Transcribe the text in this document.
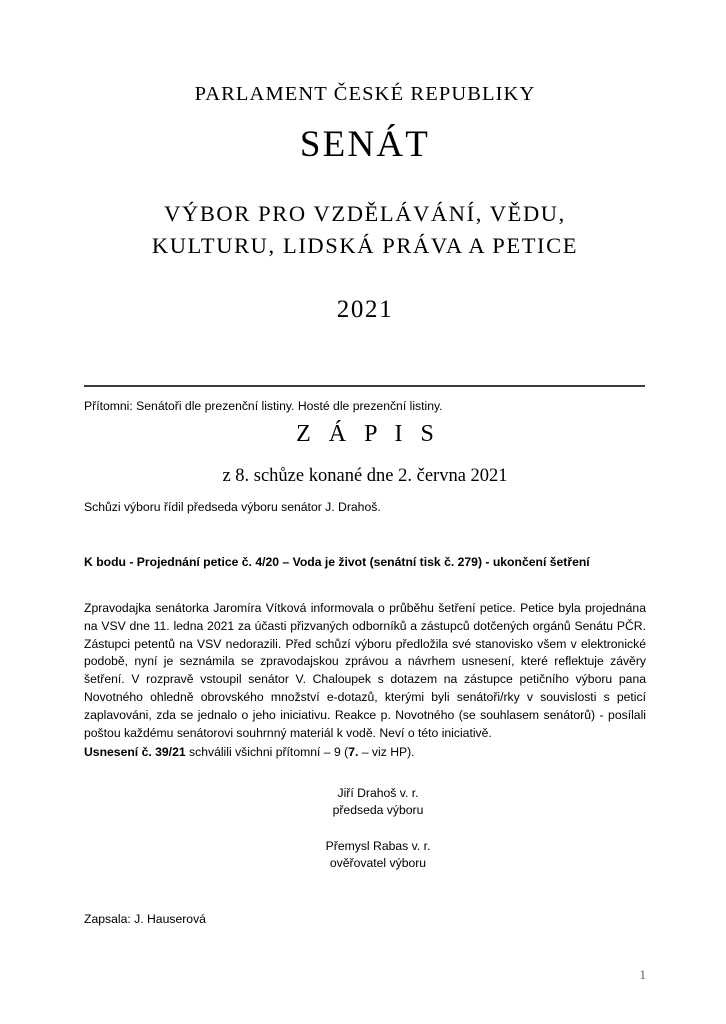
PARLAMENT ČESKÉ REPUBLIKY
SENÁT
VÝBOR PRO VZDĚLÁVÁNÍ, VĚDU,
KULTURU, LIDSKÁ PRÁVA A PETICE
2021
Přítomni: Senátoři dle prezenční listiny. Hosté dle prezenční listiny.
Z Á P I S
z 8. schůze konané dne 2. června 2021
Schůzi výboru řídil předseda výboru senátor J. Drahoš.
K bodu - Projednání petice č. 4/20 – Voda je život (senátní tisk č. 279) - ukončení šetření
Zpravodajka senátorka Jaromíra Vítková informovala o průběhu šetření petice. Petice byla projednána na VSV dne 11. ledna 2021 za účasti přizvaných odborníků a zástupců dotčených orgánů Senátu PČR. Zástupci petentů na VSV nedorazili. Před schůzí výboru předložila své stanovisko všem v elektronické podobě, nyní je seznámila se zpravodajskou zprávou a návrhem usnesení, které reflektuje závěry šetření. V rozpravě vstoupil senátor V. Chaloupek s dotazem na zástupce petičního výboru pana Novotného ohledně obrovského množství e-dotazů, kterými byli senátoři/rky v souvislosti s peticí zaplavováni, zda se jednalo o jeho iniciativu. Reakce p. Novotného (se souhlasem senátorů) - posílali poštou každému senátorovi souhrnný materiál k vodě. Neví o této iniciativě.
Usnesení č. 39/21 schválili všichni přítomní – 9 (7. – viz HP).
Jiří Drahoš v. r.
předseda výboru
Přemysl Rabas v. r.
ověřovatel výboru
Zapsala: J. Hauserová
1
